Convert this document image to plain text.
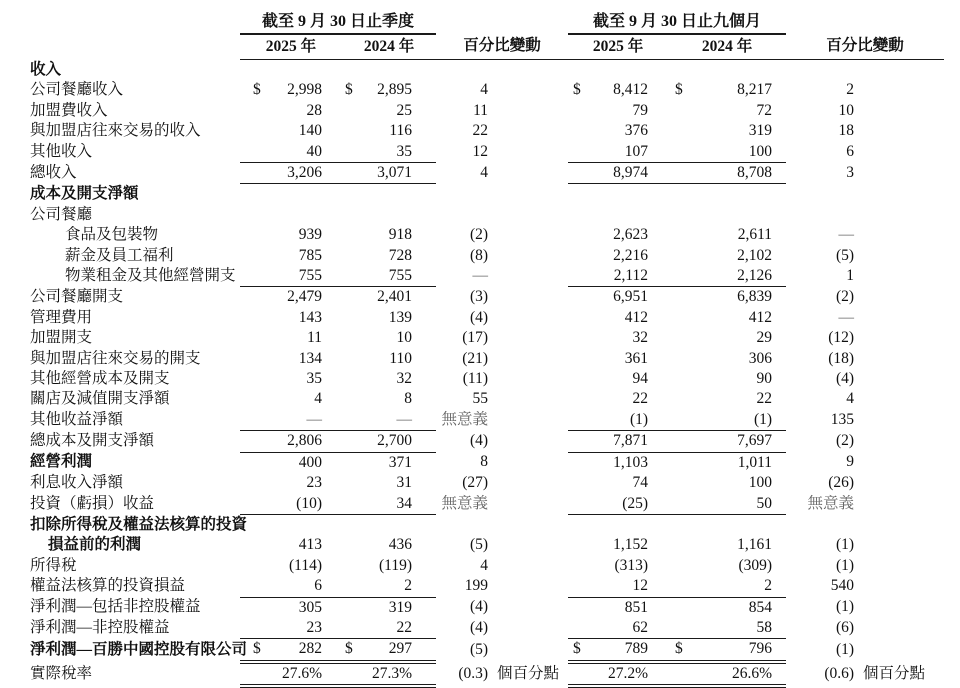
	截至 9 月 30 日止季度				截至 9 月 30 日止九個月				
	2025 年	2024 年	百分比變動		2025 年	2024 年	百分比變動		
收入	

公司餐廳收入	$ 2,998	$ 2,895	4		$ 8,412	$ 8,217	2		
加盟費收入	28	25	11		79	72	10		
與加盟店往來交易的收入	140	116	22		376	319	18		
其他收入	40	35	12		107	100	6		
總收入	3,206	3,071	4		8,974	8,708	3		
成本及開支淨額	

公司餐廳	

食品及包裝物	939	918	(2)		2,623	2,611	—		
薪金及員工福利	785	728	(8)		2,216	2,102	(5)		
物業租金及其他經營開支	755	755	—		2,112	2,126	1		
公司餐廳開支	2,479	2,401	(3)		6,951	6,839	(2)		
管理費用	143	139	(4)		412	412	—		
加盟開支	11	10	(17)		32	29	(12)		
與加盟店往來交易的開支	134	110	(21)		361	306	(18)		
其他經營成本及開支	35	32	(11)		94	90	(4)		
關店及減值開支淨額	4	8	55		22	22	4		
其他收益淨額	—	—	無意義		(1)	(1)	135		
總成本及開支淨額	2,806	2,700	(4)		7,871	7,697	(2)		
經營利潤	400	371	8		1,103	1,011	9		
利息收入淨額	23	31	(27)		74	100	(26)		
投資（虧損）收益	(10)	34	無意義		(25)	50	無意義		
扣除所得稅及權益法核算的投資	

損益前的利潤	413	436	(5)		1,152	1,161	(1)		
所得稅	(114)	(119)	4		(313)	(309)	(1)		
權益法核算的投資損益	6	2	199		12	2	540		
淨利潤—包括非控股權益	305	319	(4)		851	854	(1)		
淨利潤—非控股權益	23	22	(4)		62	58	(6)		
淨利潤—百勝中國控股有限公司	$ 282	$ 297	(5)		$ 789	$ 796	(1)		
實際稅率	27.6%	27.3%	(0.3)	個百分點	27.2%	26.6%	(0.6)	個百分點	
